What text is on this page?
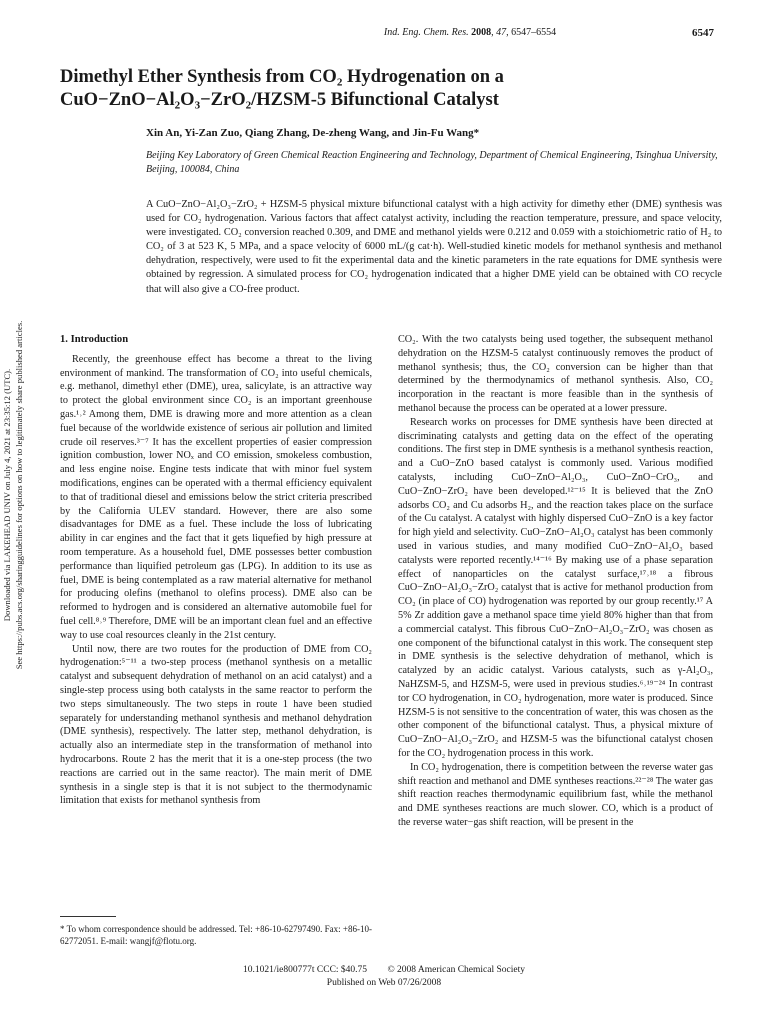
Ind. Eng. Chem. Res. 2008, 47, 6547–6554	6547
Dimethyl Ether Synthesis from CO₂ Hydrogenation on a
CuO−ZnO−Al₂O₃−ZrO₂/HZSM-5 Bifunctional Catalyst
Xin An, Yi-Zan Zuo, Qiang Zhang, De-zheng Wang, and Jin-Fu Wang*
Beijing Key Laboratory of Green Chemical Reaction Engineering and Technology, Department of Chemical Engineering, Tsinghua University, Beijing, 100084, China
A CuO−ZnO−Al₂O₃−ZrO₂ + HZSM-5 physical mixture bifunctional catalyst with a high activity for dimethy ether (DME) synthesis was used for CO₂ hydrogenation. Various factors that affect catalyst activity, including the reaction temperature, pressure, and space velocity, were investigated. CO₂ conversion reached 0.309, and DME and methanol yields were 0.212 and 0.059 with a stoichiometric ratio of H₂ to CO₂ of 3 at 523 K, 5 MPa, and a space velocity of 6000 mL/(g cat·h). Well-studied kinetic models for methanol synthesis and methanol dehydration, respectively, were used to fit the experimental data and the kinetic parameters in the rate equations for DME synthesis were obtained by regression. A simulated process for CO₂ hydrogenation indicated that a higher DME yield can be obtained with CO recycle that will also give a CO-free product.
Downloaded via LAKEHEAD UNIV on July 4, 2021 at 23:35:12 (UTC). See https://pubs.acs.org/sharingguidelines for options on how to legitimately share published articles.	1. Introduction

Recently, the greenhouse effect has become a threat to the living environment of mankind. The transformation of CO₂ into useful chemicals, e.g. methanol, dimethyl ether (DME), urea, salicylate, is an attractive way to protect the global environment since CO₂ is an important greenhouse gas.¹˒² Among them, DME is drawing more and more attention as a clean fuel because of the worldwide existence of serious air pollution and limited crude oil reserves.³⁻⁷ It has the excellent properties of easier compression ignition combustion, lower NOₓ and CO emission, smokeless combustion, and less engine noise. Engine tests indicate that with minor fuel system modifications, engines can be operated with a thermal efficiency equivalent to that of traditional diesel and emissions below the strict criteria prescribed by the California ULEV standard. However, there are also some disadvantages for DME as a fuel. These include the loss of lubricating ability in car engines and the fact that it gets liquefied by high pressure at room temperature. As a household fuel, DME possesses better combustion performance than liquified petroleum gas (LPG). In addition to its use as fuel, DME is being contemplated as a raw material alternative for methanol for producing olefins (methanol to olefins process). DME also can be reformed to hydrogen and is considered an alternative automobile fuel for fuel cell.⁸˒⁹ Therefore, DME will be an important clean fuel and an effective way to use coal resources cleanly in the 21st century.

Until now, there are two routes for the production of DME from CO₂ hydrogenation:⁵⁻¹¹ a two-step process (methanol synthesis on a metallic catalyst and subsequent dehydration of methanol on an acid catalyst) and a single-step process using both catalysts in the same reactor to perform the two steps simultaneously. The two steps in route 1 have been studied separately for understanding methanol synthesis and methanol dehydration (DME synthesis), respectively. The latter step, methanol dehydration, is actually also an intermediate step in the transformation of methanol into hydrocarbons. Route 2 has the merit that it is a one-step process (the two reactions are carried out in the same reactor). The main merit of DME synthesis in a single step is that it is not subject to the thermodynamic limitation that exists for methanol synthesis from

CO₂. With the two catalysts being used together, the subsequent methanol dehydration on the HZSM-5 catalyst continuously removes the product of methanol synthesis; thus, the CO₂ conversion can be higher than that determined by the thermodynamics of methanol synthesis. Also, CO₂ incorporation in the reactant is more feasible than in the synthesis of methanol because the process can be operated at a lower pressure.

Research works on processes for DME synthesis have been directed at discriminating catalysts and getting data on the effect of the operating conditions. The first step in DME synthesis is a methanol synthesis reaction, and a CuO−ZnO based catalyst is commonly used. Various modified catalysts, including CuO−ZnO−Al₂O₃, CuO−ZnO−CrO₃, and CuO−ZnO−ZrO₂ have been developed.¹²⁻¹⁵ It is believed that the ZnO adsorbs CO₂ and Cu adsorbs H₂, and the reaction takes place on the surface of the Cu catalyst. A catalyst with highly dispersed CuO−ZnO is a key factor for high yield and selectivity. CuO−ZnO−Al₂O₃ catalyst has been commonly used in various studies, and many modified CuO−ZnO−Al₂O₃ based catalysts were reported recently.¹⁴⁻¹⁶ By making use of a phase separation effect of nanoparticles on the catalyst surface,¹⁷˒¹⁸ a fibrous CuO−ZnO−Al₂O₃−ZrO₂ catalyst that is active for methanol production from CO₂ (in place of CO) hydrogenation was reported by our group recently.¹⁷ A 5% Zr addition gave a methanol space time yield 80% higher than that from a commercial catalyst. This fibrous CuO−ZnO−Al₂O₃−ZrO₂ was chosen as one component of the bifunctional catalyst in this work. The consequent step in DME synthesis is the selective dehydration of methanol, which is catalyzed by an acidic catalyst. Various catalysts, such as γ-Al₂O₃, NaHZSM-5, and HZSM-5, were used in previous studies.⁶˒¹⁹⁻²⁴ In contrast tor CO hydrogenation, in CO₂ hydrogenation, more water is produced. Since HZSM-5 is not sensitive to the concentration of water, this was chosen as the other component of the bifunctional catalyst. Thus, a physical mixture of CuO−ZnO−Al₂O₃−ZrO₂ and HZSM-5 was the bifunctional catalyst chosen for the CO₂ hydrogenation process in this work.

In CO₂ hydrogenation, there is competition between the reverse water gas shift reaction and methanol and DME syntheses reactions.²²⁻²⁸ The water gas shift reaction reaches thermodynamic equilibrium fast, while the methanol and DME syntheses reactions are much slower. CO, which is a product of the reverse water−gas shift reaction, will be present in the

* To whom correspondence should be addressed. Tel: +86-10-62797490. Fax: +86-10-62772051. E-mail: wangjf@flotu.org.
10.1021/ie800777t CCC: $40.75 © 2008 American Chemical Society
Published on Web 07/26/2008
